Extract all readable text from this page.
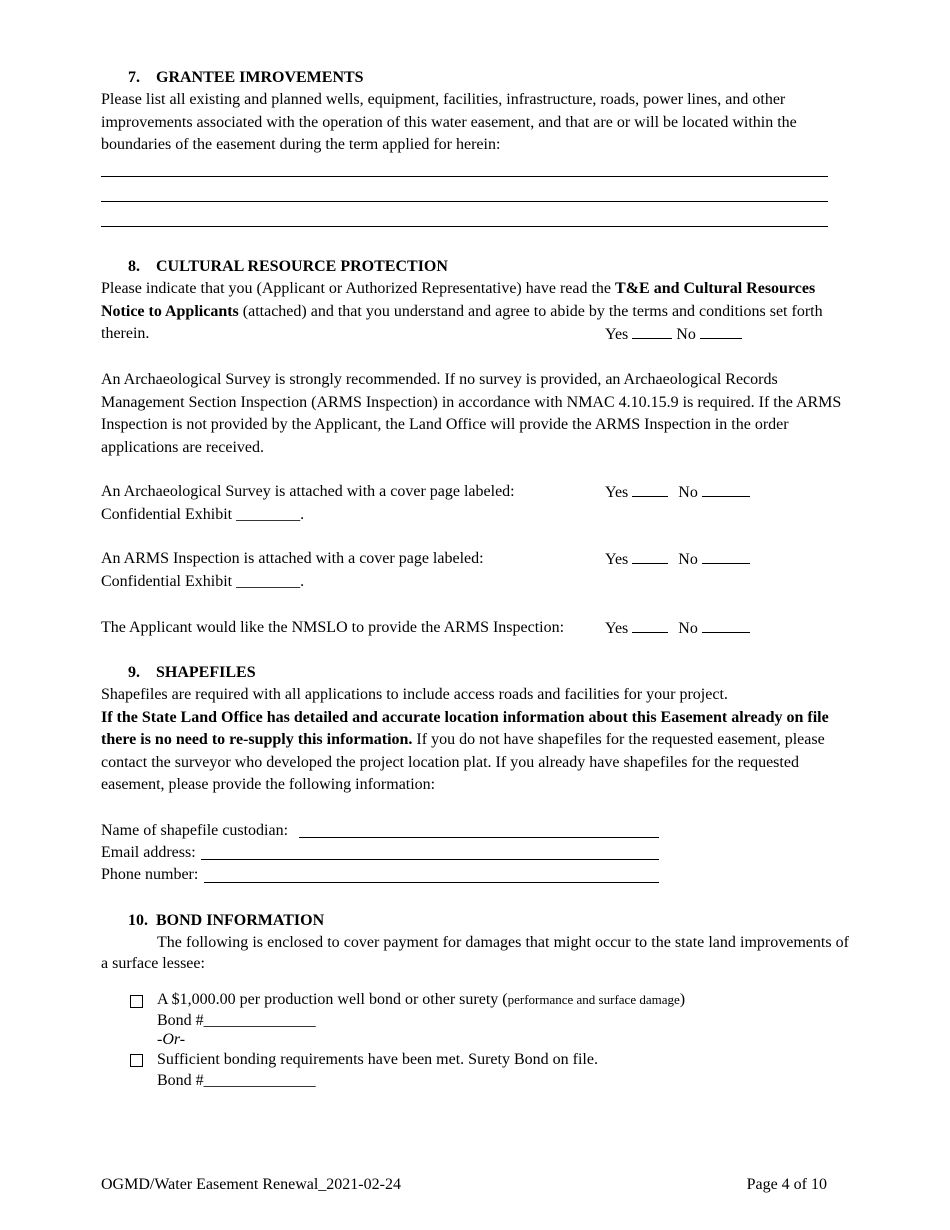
7. GRANTEE IMROVEMENTS
Please list all existing and planned wells, equipment, facilities, infrastructure, roads, power lines, and other improvements associated with the operation of this water easement, and that are or will be located within the boundaries of the easement during the term applied for herein:
8. CULTURAL RESOURCE PROTECTION
Please indicate that you (Applicant or Authorized Representative) have read the T&E and Cultural Resources Notice to Applicants (attached) and that you understand and agree to abide by the terms and conditions set forth therein.	Yes	No
An Archaeological Survey is strongly recommended. If no survey is provided, an Archaeological Records Management Section Inspection (ARMS Inspection) in accordance with NMAC 4.10.15.9 is required. If the ARMS Inspection is not provided by the Applicant, the Land Office will provide the ARMS Inspection in the order applications are received.
An Archaeological Survey is attached with a cover page labeled:
Confidential Exhibit ________.
Yes	No
An ARMS Inspection is attached with a cover page labeled:
Confidential Exhibit ________.
Yes	No
The Applicant would like the NMSLO to provide the ARMS Inspection:	Yes	No
9. SHAPEFILES
Shapefiles are required with all applications to include access roads and facilities for your project.
If the State Land Office has detailed and accurate location information about this Easement already on file there is no need to re-supply this information. If you do not have shapefiles for the requested easement, please contact the surveyor who developed the project location plat. If you already have shapefiles for the requested easement, please provide the following information:
Name of shapefile custodian:
Email address:
Phone number:
10. BOND INFORMATION
The following is enclosed to cover payment for damages that might occur to the state land improvements of a surface lessee:
A $1,000.00 per production well bond or other surety (performance and surface damage)
Bond #______________
-Or-
Sufficient bonding requirements have been met. Surety Bond on file.
Bond #______________
OGMD/Water Easement Renewal_2021-02-24	Page 4 of 10
